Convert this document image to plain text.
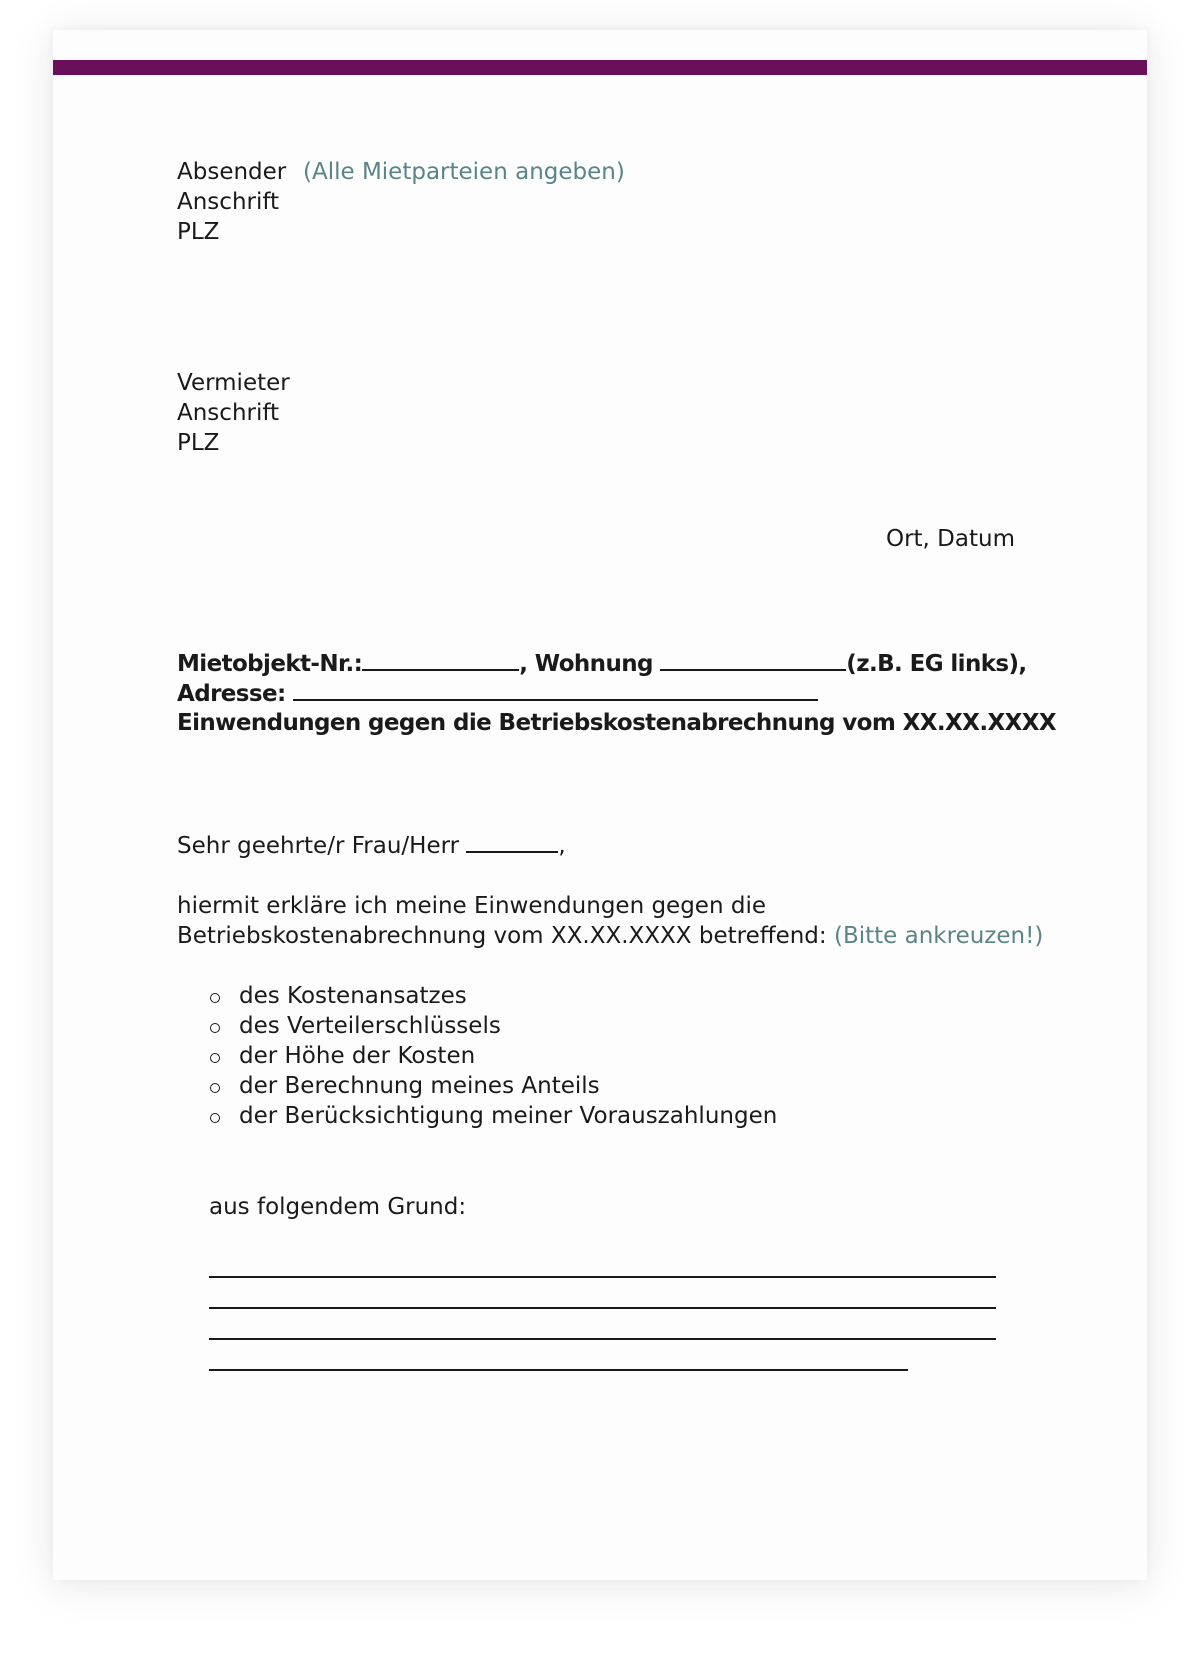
Absender (Alle Mietparteien angeben)

Anschrift

PLZ

Vermieter

Anschrift

PLZ

Ort, Datum

Mietobjekt-Nr.:	, Wohnung	(z.B. EG links),

Adresse:

Einwendungen gegen die Betriebskostenabrechnung vom XX.XX.XXXX

Sehr geehrte/r Frau/Herr	,

hiermit erkläre ich meine Einwendungen gegen die

Betriebskostenabrechnung vom XX.XX.XXXX betreffend: (Bitte ankreuzen!)

des Kostenansatzes

des Verteilerschlüssels

der Höhe der Kosten

der Berechnung meines Anteils

der Berücksichtigung meiner Vorauszahlungen

aus folgendem Grund:
